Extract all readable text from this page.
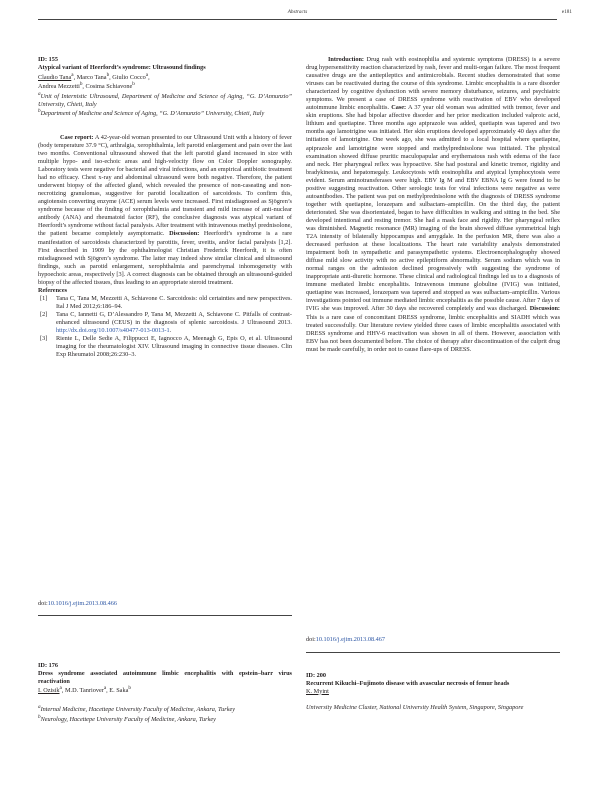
Abstracts	e181

ID: 155

Atypical variant of Heerfordt’s syndrome: Ultrasound findings

Claudio Tana$^a$, Marco Tana$^b$, Giulio Cocco$^a$,
Andrea Mezzetti$^b$, Cosima Schiavone$^b$

$^a$Unit of Internistic Ultrasound, Department of Medicine and Science of Aging, “G. D’Annunzio” University, Chieti, Italy

$^b$Department of Medicine and Science of Aging, “G. D’Annunzio” University, Chieti, Italy

Case report: A 42-year-old woman presented to our Ultrasound Unit with a history of fever (body temperature 37.9 °C), arthralgia, xerophthalmia, left parotid enlargement and pain over the last two months. Conventional ultrasound showed that the left parotid gland increased in size with multiple hypo- and iso-echoic areas and high-velocity flow on Color Doppler sonography. Laboratory tests were negative for bacterial and viral infections, and an empirical antibiotic treatment had no efficacy. Chest x-ray and abdominal ultrasound were both negative. Therefore, the patient underwent biopsy of the affected gland, which revealed the presence of non-caseating and non-necrotizing granulomas, suggestive for parotid localization of sarcoidosis. To confirm this, angiotensin converting enzyme (ACE) serum levels were increased. First misdiagnosed as Sjögren’s syndrome because of the finding of xerophthalmia and transient and mild increase of anti-nuclear antibody (ANA) and rheumatoid factor (RF), the conclusive diagnosis was atypical variant of Heerfordt’s syndrome without facial paralysis. After treatment with intravenous methyl prednisolone, the patient became completely asymptomatic. Discussion: Heerfordt’s syndrome is a rare manifestation of sarcoidosis characterized by parotitis, fever, uveitis, and/or facial paralysis [1,2]. First described in 1909 by the ophthalmologist Christian Frederick Heerfordt, it is often misdiagnosed with Sjögren’s syndrome. The latter may indeed show similar clinical and ultrasound findings, such as parotid enlargement, xerophthalmia and parenchymal inhomogeneity with hypoechoic areas, respectively [3]. A correct diagnosis can be obtained through an ultrasound-guided biopsy of the affected tissues, thus leading to an appropriate steroid treatment.

References

[1] Tana C, Tana M, Mezzetti A, Schiavone C. Sarcoidosis: old certainties and new perspectives. Ital J Med 2012;6:186–94.
[2] Tana C, Iannetti G, D’Alessandro P, Tana M, Mezzetti A, Schiavone C. Pitfalls of contrast-enhanced ultrasound (CEUS) in the diagnosis of splenic sarcoidosis. J Ultrasound 2013. http://dx.doi.org/10.1007/s40477-013-0013-1.
[3] Riente L, Delle Sedie A, Filippucci E, Iagnocco A, Meenagh G, Epis O, et al. Ultrasound imaging for the rheumatologist XIV. Ultrasound imaging in connective tissue diseases. Clin Exp Rheumatol 2008;26:230–3.
doi:10.1016/j.ejim.2013.08.466

ID: 176

Dress syndrome associated autoimmune limbic encephalitis with epstein–barr virus reactivation

I. Ozisik$^a$, M.D. Tanriover$^a$, E. Saka$^b$

$^a$Internal Medicine, Hacettepe University Faculty of Medicine, Ankara, Turkey

$^b$Neurology, Hacettepe University Faculty of Medicine, Ankara, Turkey

Introduction: Drug rash with eosinophilia and systemic symptoms (DRESS) is a severe drug hypersensitivity reaction characterized by rash, fever and multi-organ failure. The most frequent causative drugs are the antiepileptics and antimicrobials. Recent studies demonstrated that some viruses can be reactivated during the course of this syndrome. Limbic encephalitis is a rare disorder characterized by cognitive dysfunction with severe memory disturbance, seizures, and psychiatric symptoms. We present a case of DRESS syndrome with reactivation of EBV who developed autoimmune limbic encephalitis. Case: A 37 year old woman was admitted with tremor, fever and skin eruptions. She had bipolar affective disorder and her prior medication included valproic acid, lithium and quetiapine. Three months ago apiprazole was added, quetiapin was tapered and two months ago lamotrigine was initiated. Her skin eruptions developed approximately 40 days after the initiation of lamotrigine. One week ago, she was admitted to a local hospital where quetiapine, apiprazole and lamotrigine were stopped and methylprednisolone was initiated. The physical examination showed diffuse pruritic maculopapular and erythematous rash with edema of the face and neck. Her pharyngeal reflex was hypoactive. She had postural and kinetic tremor, rigidity and bradykinesia, and hepatomegaly. Leukocytosis with eosinophilia and atypical lymphocytosis were evident. Serum aminotransferases were high. EBV Ig M and EBV EBNA Ig G were found to be positive suggesting reactivation. Other serologic tests for viral infections were negative as were autoantibodies. The patient was put on methylprednisolone with the diagnosis of DRESS syndrome together with quetiapine, lorazepam and sulbactam–ampicillin. On the third day, the patient deteriorated. She was disorientated, began to have difficulties in walking and sitting in the bed. She developed intentional and resting tremor. She had a mask face and rigidity. Her pharyngeal reflex was diminished. Magnetic resonance (MR) imaging of the brain showed diffuse symmetrical high T2A intensity of bilaterally hippocampus and amygdale. In the perfusion MR, there was also a decreased perfusion at these localizations. The heart rate variability analysis demonstrated impairment both in sympathetic and parasympathetic systems. Electroencephalography showed diffuse mild slow activity with no active epileptiform abnormality. Serum sodium which was in normal ranges on the admission declined progressively with suggesting the syndrome of inappropriate anti-diuretic hormone. These clinical and radiological findings led us to a diagnosis of immune mediated limbic encephalitis. Intravenous immune globuline (IVIG) was initiated, quetiapine was increased, lorazepam was tapered and stopped as was sulbactam–ampicillin. Various investigations pointed out immune mediated limbic encephalitis as the possible cause. After 7 days of IVIG she was improved. After 30 days she recovered completely and was discharged. Discussion: This is a rare case of concomitant DRESS syndrome, limbic encephalitis and SIADH which was treated successfully. Our literature review yielded three cases of limbic encephalitis associated with DRESS syndrome and HHV-6 reactivation was shown in all of them. However, association with EBV has not been documented before. The choice of therapy after discontinuation of the culprit drug must be made carefully, in order not to cause flare-ups of DRESS.

doi:10.1016/j.ejim.2013.08.467

ID: 200

Recurrent Kikuchi–Fujimoto disease with avascular necrosis of femur heads

K. Myint

University Medicine Cluster, National University Health System, Singapore, Singapore
